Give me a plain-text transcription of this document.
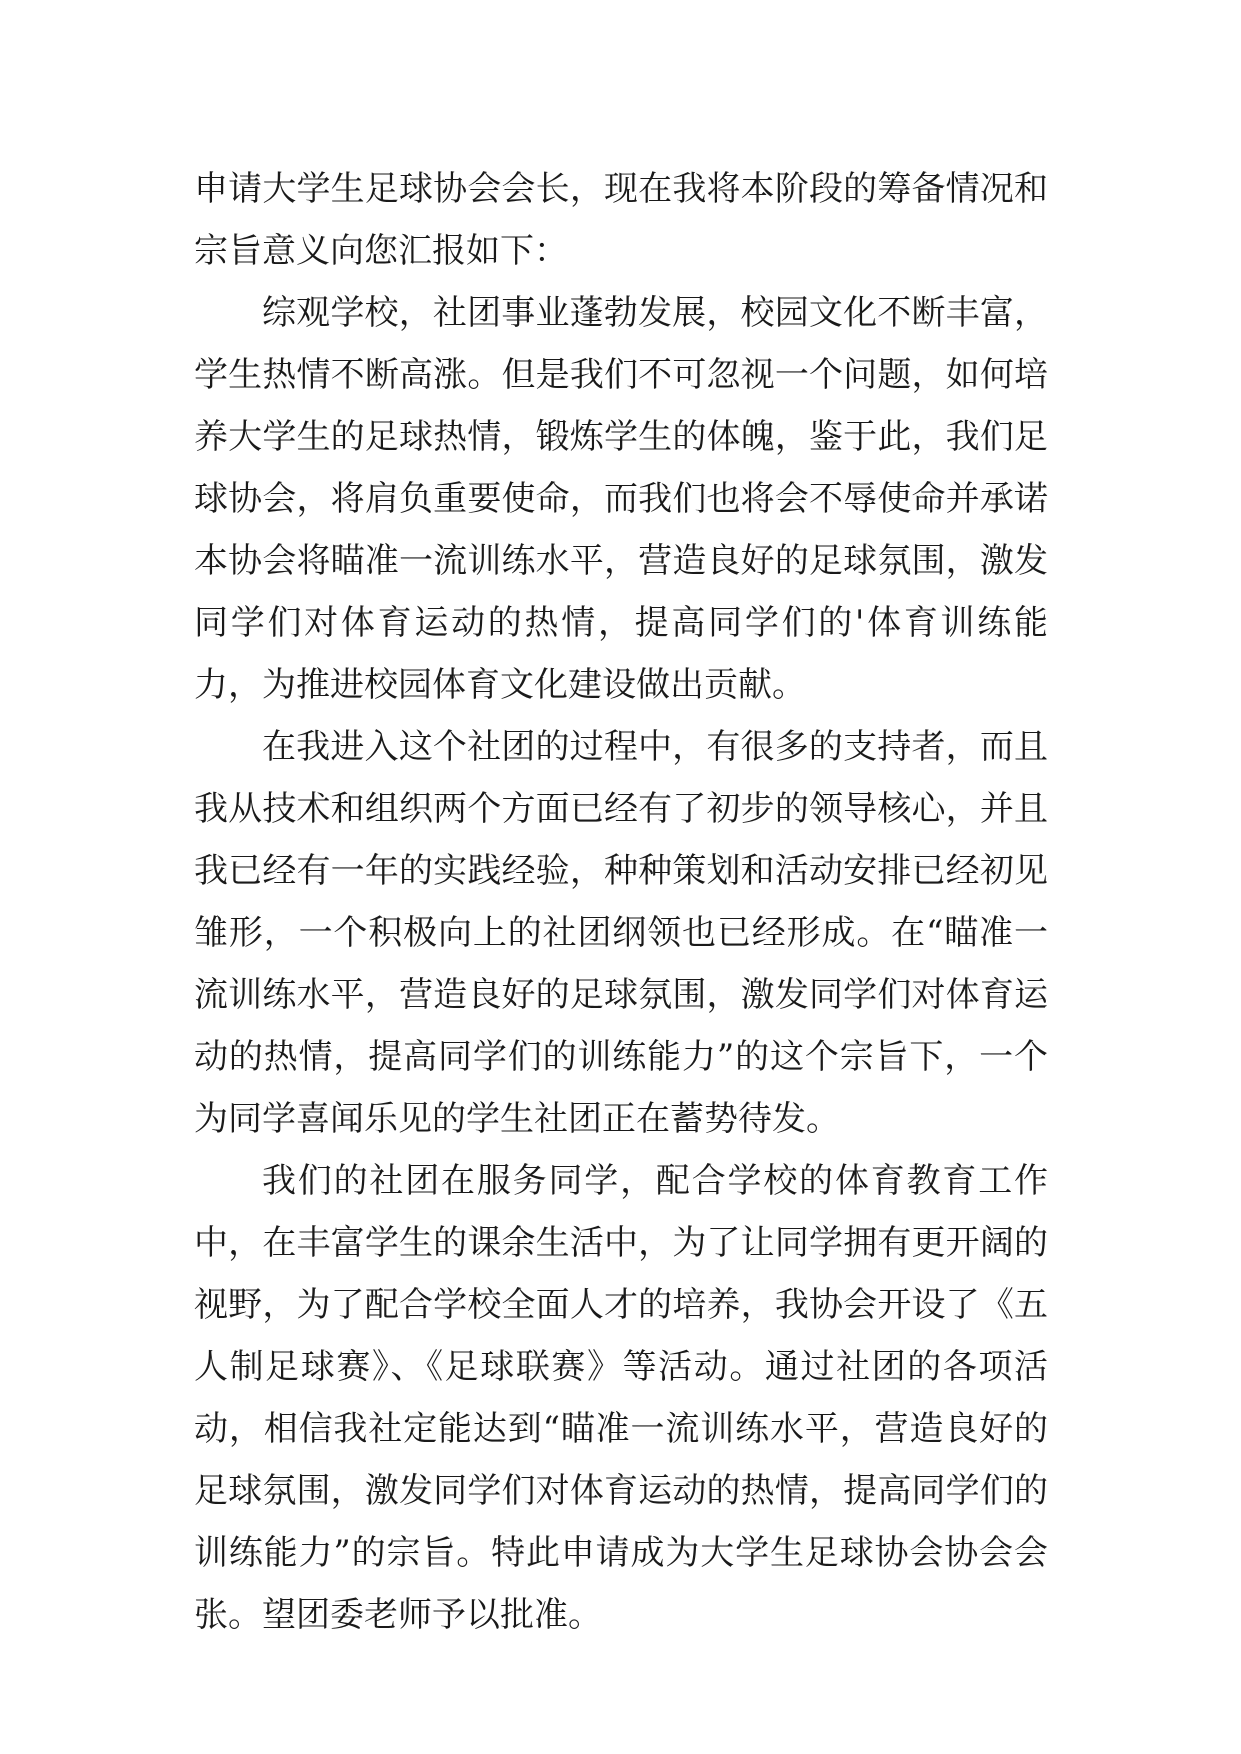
申请大学生足球协会会长，现在我将本阶段的筹备情况和宗旨意义向您汇报如下：

综观学校，社团事业蓬勃发展，校园文化不断丰富，学生热情不断高涨。但是我们不可忽视一个问题，如何培养大学生的足球热情，锻炼学生的体魄，鉴于此，我们足球协会，将肩负重要使命，而我们也将会不辱使命并承诺本协会将瞄准一流训练水平，营造良好的足球氛围，激发同学们对体育运动的热情，提高同学们的'体育训练能力，为推进校园体育文化建设做出贡献。

在我进入这个社团的过程中，有很多的支持者，而且我从技术和组织两个方面已经有了初步的领导核心，并且我已经有一年的实践经验，种种策划和活动安排已经初见雏形，一个积极向上的社团纲领也已经形成。在“瞄准一流训练水平，营造良好的足球氛围，激发同学们对体育运动的热情，提高同学们的训练能力”的这个宗旨下，一个为同学喜闻乐见的学生社团正在蓄势待发。

我们的社团在服务同学，配合学校的体育教育工作中，在丰富学生的课余生活中，为了让同学拥有更开阔的视野，为了配合学校全面人才的培养，我协会开设了《五人制足球赛》、《足球联赛》等活动。通过社团的各项活动，相信我社定能达到“瞄准一流训练水平，营造良好的足球氛围，激发同学们对体育运动的热情，提高同学们的训练能力”的宗旨。特此申请成为大学生足球协会协会会张。望团委老师予以批准。
